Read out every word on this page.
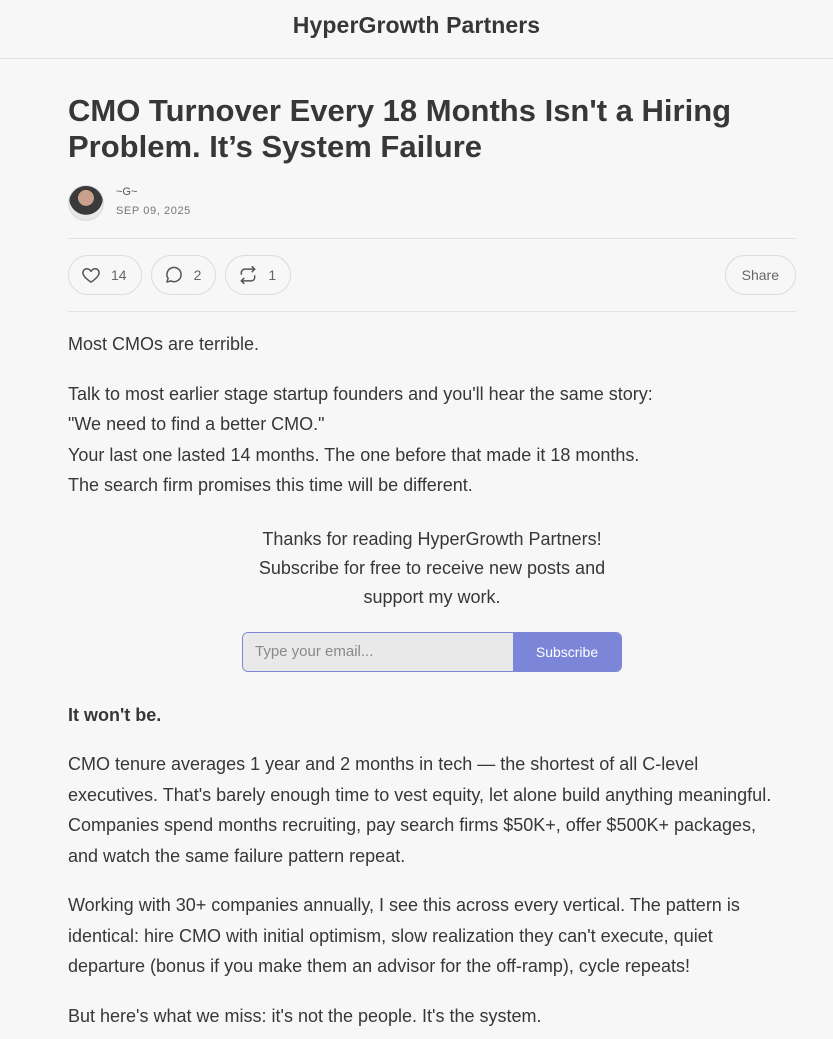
HyperGrowth Partners
CMO Turnover Every 18 Months Isn't a Hiring Problem. It’s System Failure
~G~
SEP 09, 2025
14	2	1	Share

Most CMOs are terrible.

Talk to most earlier stage startup founders and you'll hear the same story:
"We need to find a better CMO."
Your last one lasted 14 months. The one before that made it 18 months.
The search firm promises this time will be different.

Thanks for reading HyperGrowth Partners!
Subscribe for free to receive new posts and
support my work.

Type your email...
Subscribe

It won't be.

CMO tenure averages 1 year and 2 months in tech — the shortest of all C-level executives. That's barely enough time to vest equity, let alone build anything meaningful. Companies spend months recruiting, pay search firms $50K+, offer $500K+ packages, and watch the same failure pattern repeat.

Working with 30+ companies annually, I see this across every vertical. The pattern is identical: hire CMO with initial optimism, slow realization they can't execute, quiet departure (bonus if you make them an advisor for the off-ramp), cycle repeats!

But here's what we miss: it's not the people. It's the system.
